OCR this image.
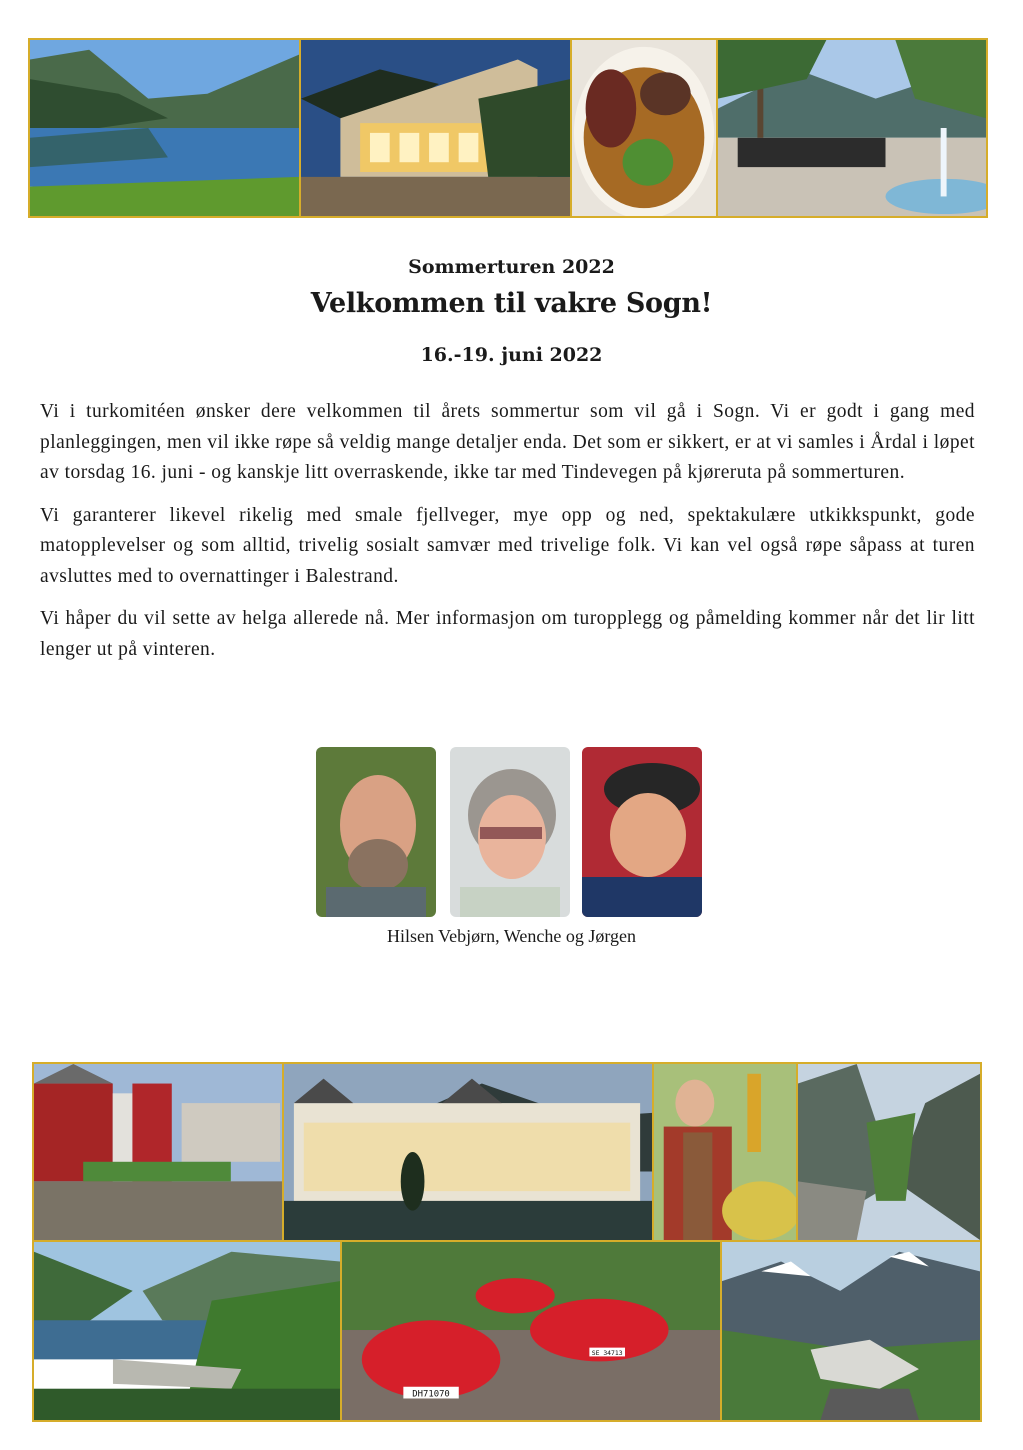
Sommerturen 2022
Velkommen til vakre Sogn!
16.-19. juni 2022

Vi i turkomitéen ønsker dere velkommen til årets sommertur som vil gå i Sogn. Vi er godt i gang med planleggingen, men vil ikke røpe så veldig mange detaljer enda. Det som er sikkert, er at vi samles i Årdal i løpet av torsdag 16. juni - og kanskje litt overraskende, ikke tar med Tindevegen på kjøreruta på sommerturen.

Vi garanterer likevel rikelig med smale fjellveger, mye opp og ned, spektakulære utkikkspunkt, gode matopplevelser og som alltid, trivelig sosialt samvær med trivelige folk. Vi kan vel også røpe såpass at turen avsluttes med to overnattinger i Balestrand.

Vi håper du vil sette av helga allerede nå. Mer informasjon om turopplegg og påmelding kommer når det lir litt lenger ut på vinteren.

Hilsen Vebjørn, Wenche og Jørgen
DH71070
SE 34713
